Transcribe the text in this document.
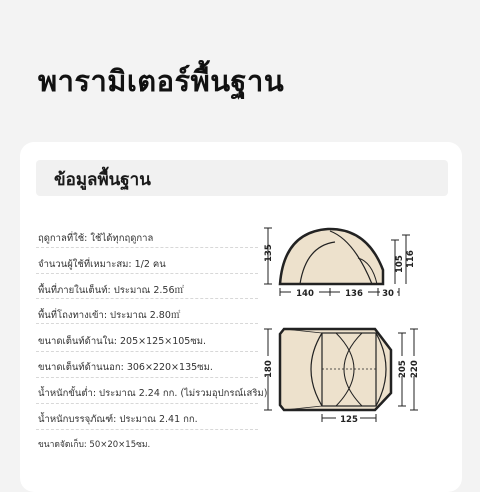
พารามิเตอร์พื้นฐาน
ข้อมูลพื้นฐาน
ฤดูกาลที่ใช้: ใช้ได้ทุกฤดูกาล
จำนวนผู้ใช้ที่เหมาะสม: 1/2 คน
พื้นที่ภายในเต็นท์: ประมาณ 2.56㎡
พื้นที่โถงทางเข้า: ประมาณ 2.80㎡
ขนาดเต็นท์ด้านใน: 205×125×105ซม.
ขนาดเต็นท์ด้านนอก: 306×220×135ซม.
น้ำหนักขั้นต่ำ: ประมาณ 2.24 กก. (ไม่รวมอุปกรณ์เสริม)
น้ำหนักบรรจุภัณฑ์: ประมาณ 2.41 กก.
ขนาดจัดเก็บ: 50×20×15ซม.
135
105 116
140	136 30
180	205 220
125
